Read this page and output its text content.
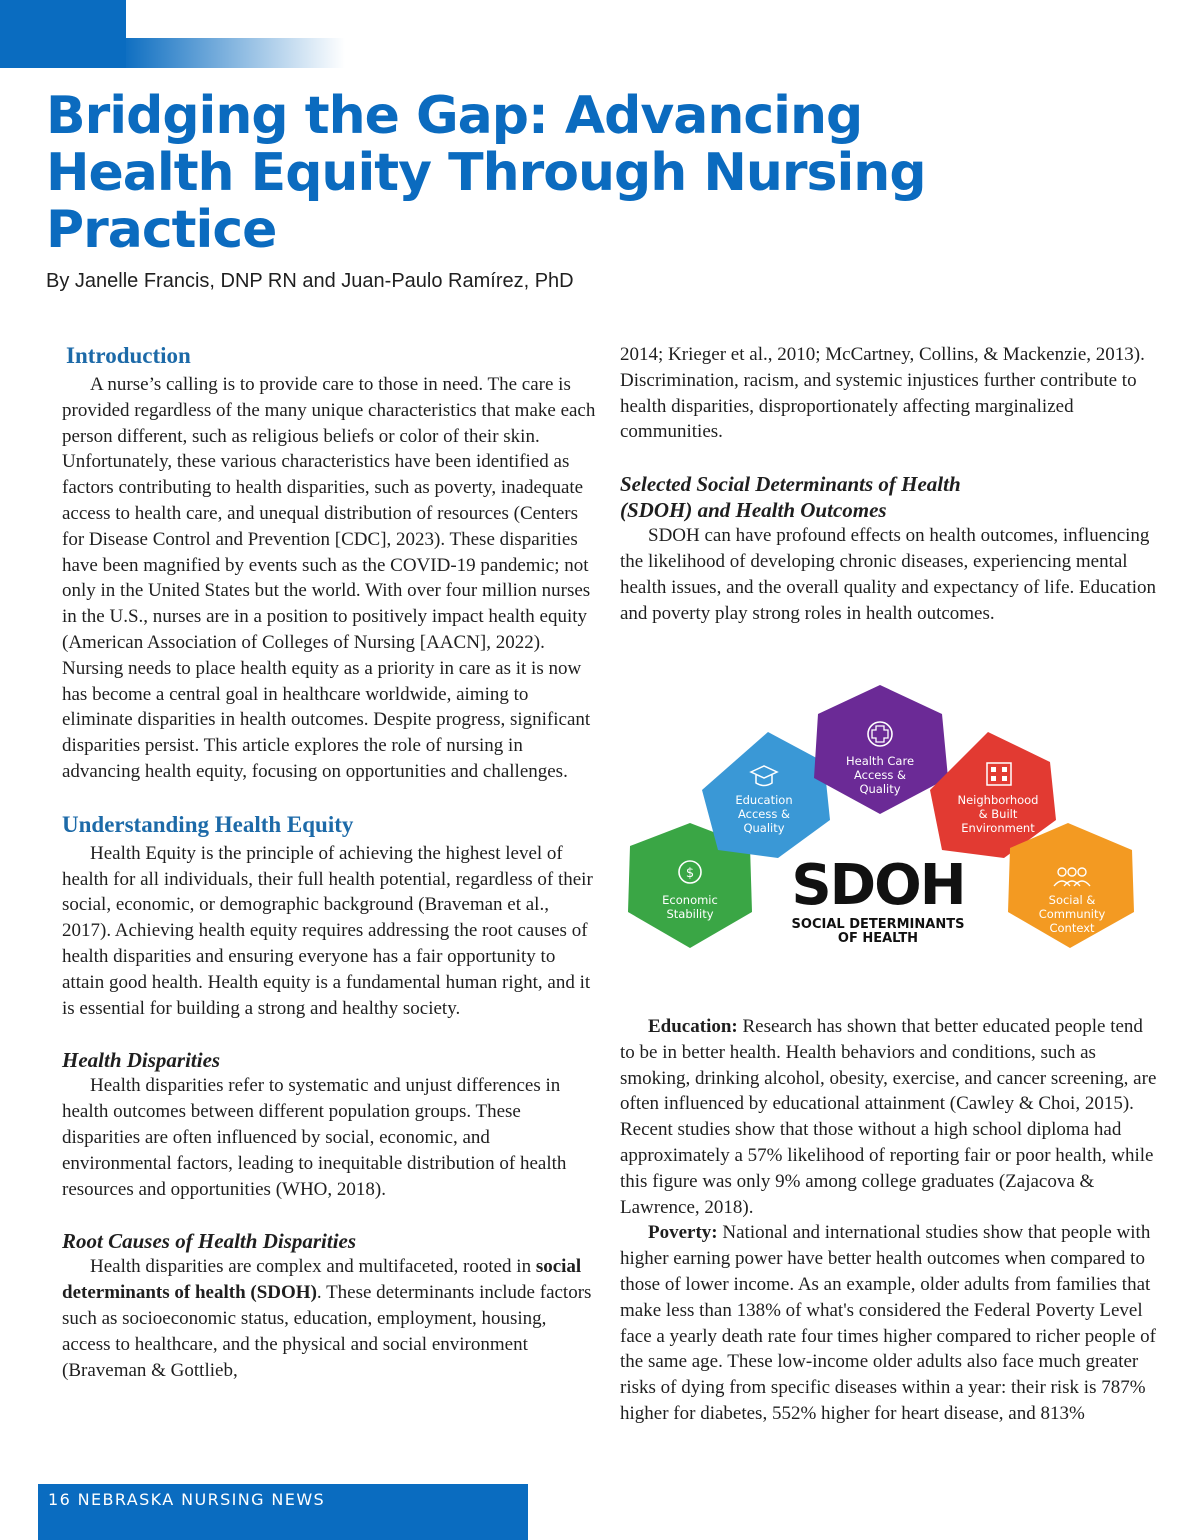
Bridging the Gap: Advancing Health Equity Through Nursing Practice
By Janelle Francis, DNP RN and Juan-Paulo Ramírez, PhD
Introduction

A nurse’s calling is to provide care to those in need. The care is provided regardless of the many unique characteristics that make each person different, such as religious beliefs or color of their skin. Unfortunately, these various characteristics have been identified as factors contributing to health disparities, such as poverty, inadequate access to health care, and unequal distribution of resources (Centers for Disease Control and Prevention [CDC], 2023). These disparities have been magnified by events such as the COVID-19 pandemic; not only in the United States but the world. With over four million nurses in the U.S., nurses are in a position to positively impact health equity (American Association of Colleges of Nursing [AACN], 2022). Nursing needs to place health equity as a priority in care as it is now has become a central goal in healthcare worldwide, aiming to eliminate disparities in health outcomes. Despite progress, significant disparities persist. This article explores the role of nursing in advancing health equity, focusing on opportunities and challenges.

Understanding Health Equity

Health Equity is the principle of achieving the highest level of health for all individuals, their full health potential, regardless of their social, economic, or demographic background (Braveman et al., 2017). Achieving health equity requires addressing the root causes of health disparities and ensuring everyone has a fair opportunity to attain good health. Health equity is a fundamental human right, and it is essential for building a strong and healthy society.

Health Disparities

Health disparities refer to systematic and unjust differences in health outcomes between different population groups. These disparities are often influenced by social, economic, and environmental factors, leading to inequitable distribution of health resources and opportunities (WHO, 2018).

Root Causes of Health Disparities

Health disparities are complex and multifaceted, rooted in social determinants of health (SDOH). These determinants include factors such as socioeconomic status, education, employment, housing, access to healthcare, and the physical and social environment (Braveman & Gottlieb,

2014; Krieger et al., 2010; McCartney, Collins, & Mackenzie, 2013). Discrimination, racism, and systemic injustices further contribute to health disparities, disproportionately affecting marginalized communities.

Selected Social Determinants of Health (SDOH) and Health Outcomes

SDOH can have profound effects on health outcomes, influencing the likelihood of developing chronic diseases, experiencing mental health issues, and the overall quality and expectancy of life. Education and poverty play strong roles in health outcomes.

$
Economic
Stability
Education
Access &
Quality
Health Care
Access &
Quality
Neighborhood
& Built
Environment
Social &
Community
Context
SDOH
SOCIAL DETERMINANTS
OF HEALTH

Education: Research has shown that better educated people tend to be in better health. Health behaviors and conditions, such as smoking, drinking alcohol, obesity, exercise, and cancer screening, are often influenced by educational attainment (Cawley & Choi, 2015). Recent studies show that those without a high school diploma had approximately a 57% likelihood of reporting fair or poor health, while this figure was only 9% among college graduates (Zajacova & Lawrence, 2018).

Poverty: National and international studies show that people with higher earning power have better health outcomes when compared to those of lower income. As an example, older adults from families that make less than 138% of what's considered the Federal Poverty Level face a yearly death rate four times higher compared to richer people of the same age. These low-income older adults also face much greater risks of dying from specific diseases within a year: their risk is 787% higher for diabetes, 552% higher for heart disease, and 813%

16 NEBRASKA NURSING NEWS
